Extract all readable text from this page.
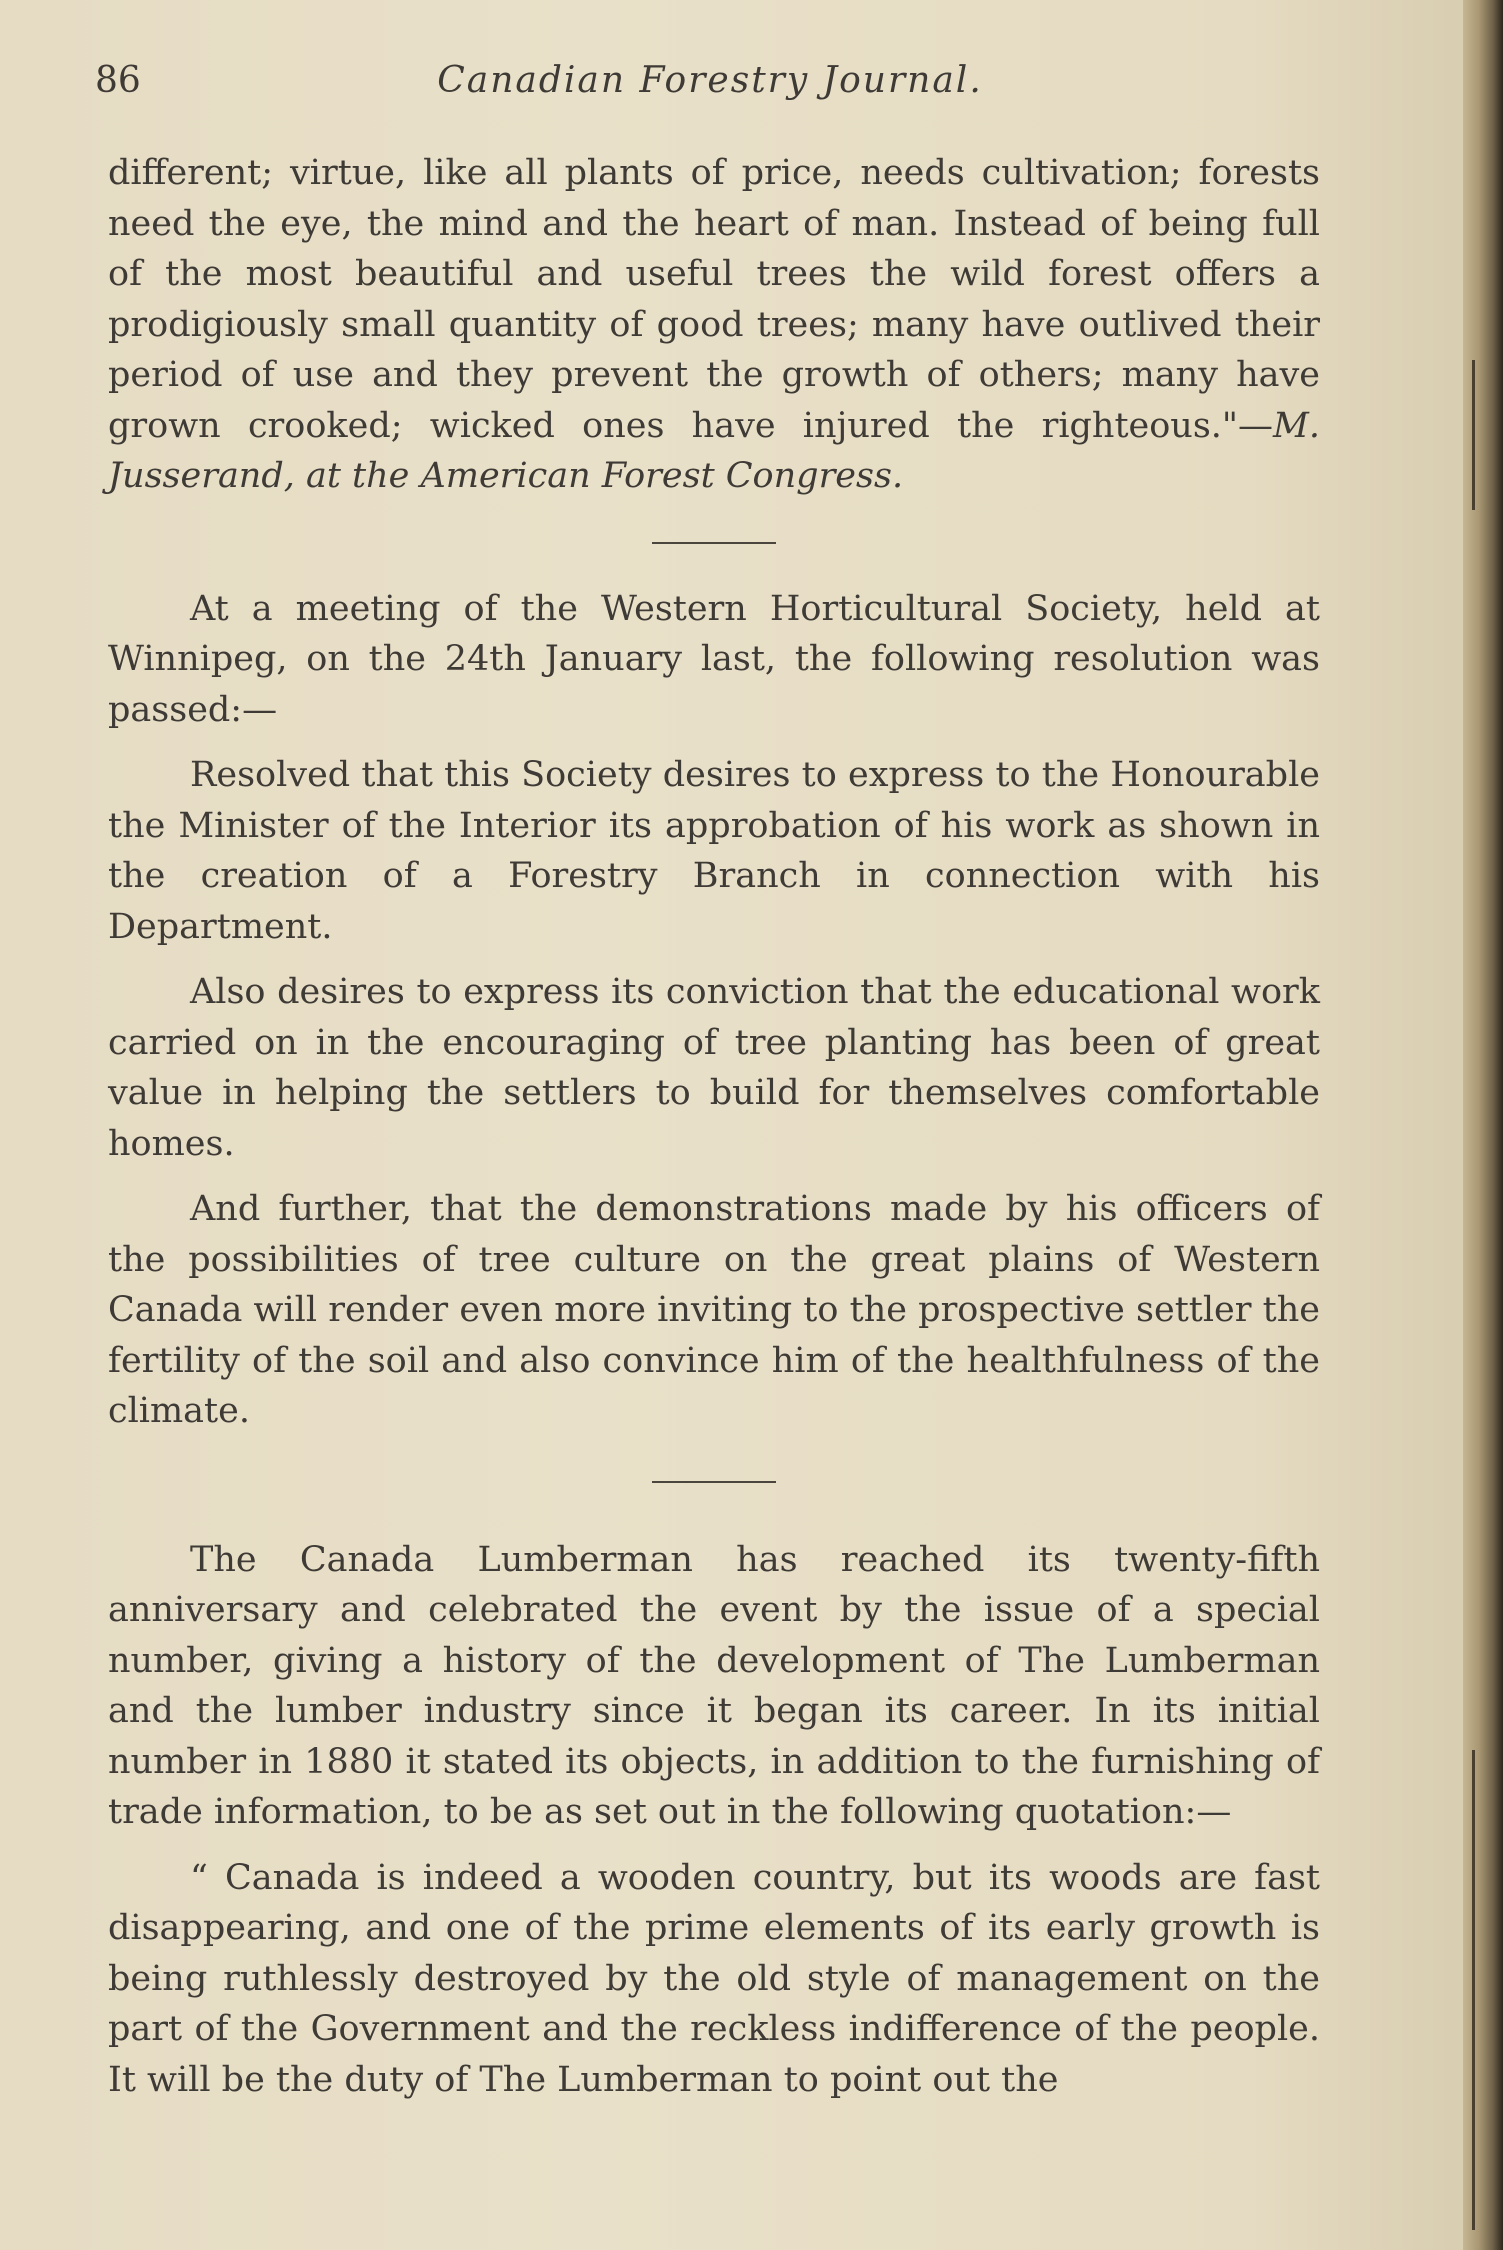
86	Canadian Forestry Journal.

different; virtue, like all plants of price, needs cultivation; forests need the eye, the mind and the heart of man. Instead of being full of the most beautiful and useful trees the wild forest offers a prodigiously small quantity of good trees; many have outlived their period of use and they prevent the growth of others; many have grown crooked; wicked ones have injured the righteous."—M. Jusserand, at the American Forest Congress.

At a meeting of the Western Horticultural Society, held at Winnipeg, on the 24th January last, the following resolution was passed:—

Resolved that this Society desires to express to the Honourable the Minister of the Interior its approbation of his work as shown in the creation of a Forestry Branch in connection with his Department.

Also desires to express its conviction that the educational work carried on in the encouraging of tree planting has been of great value in helping the settlers to build for themselves comfortable homes.

And further, that the demonstrations made by his officers of the possibilities of tree culture on the great plains of Western Canada will render even more inviting to the prospective settler the fertility of the soil and also convince him of the healthfulness of the climate.

The Canada Lumberman has reached its twenty-fifth anniversary and celebrated the event by the issue of a special number, giving a history of the development of The Lumberman and the lumber industry since it began its career. In its initial number in 1880 it stated its objects, in addition to the furnishing of trade information, to be as set out in the following quotation:—

“ Canada is indeed a wooden country, but its woods are fast disappearing, and one of the prime elements of its early growth is being ruthlessly destroyed by the old style of management on the part of the Government and the reckless indifference of the people. It will be the duty of The Lumberman to point out the
